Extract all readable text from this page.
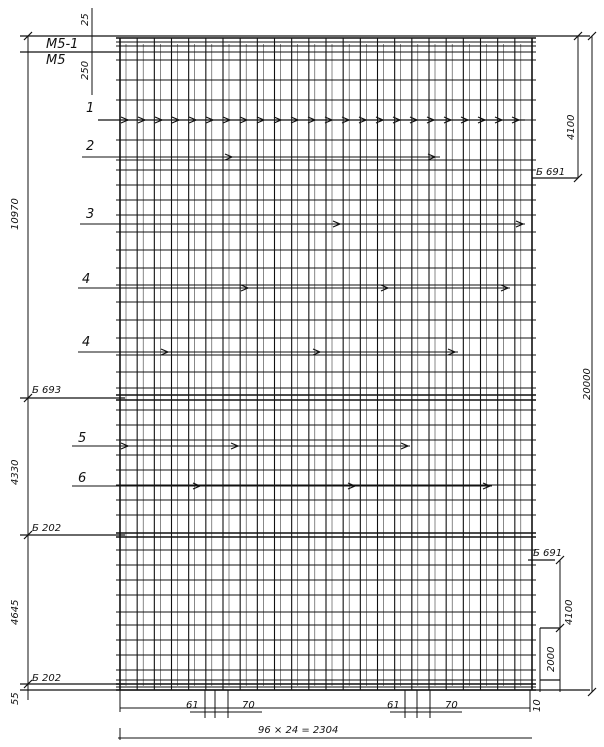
М5-1
М5
25
250
10970
4330
4645
55
4100
20000
4100
2000
10
Б 693
Б 202
Б 202
Б 691
Б 691
61	70	61	70
96 × 24 = 2304
1
2
3
4
4
5
6
